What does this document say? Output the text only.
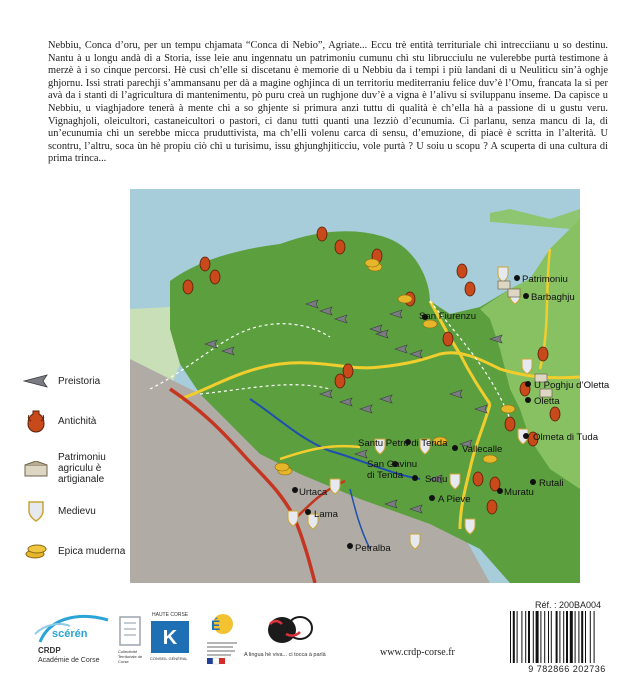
Nebbiu, Conca d’oru, per un tempu chjamata “Conca di Nebio”, Agriate... Eccu trè entità territuriale chì intrecciianu u so destinu. Nantu à u longu andà di a Storia, isse leie anu ingennatu un patrimoniu cumunu chì stu librucciulu ne vulerebbe purtà testimone à merzè à i so cinque percorsi. Hè cusì ch’elle si discetanu è memorie di u Nebbiu da i tempi i più landani di u Neuliticu sin’à oghje ghjornu. Issi strati parechji s’ammansanu per dà a magine oghjinca di un territoriu mediterraniu felice duv’è l’Omu, francata la si per avà da i stanti di l’agricultura di mantenimentu, pò puru creà un rughjone duv’è a vigna è l’alivu si sviluppanu inseme. Da capisce u Nebbiu, u viaghjadore tenerà à mente chì a so ghjente si primura anzi tuttu di qualità è ch’ella hà a passione di u gustu veru. Vignaghjoli, oleicultori, castaneicultori o pastori, ci danu tutti quanti una lezziò d’ecunumia. Ci parlanu, senza mancu di la, di un’ecunumia chì un serebbe micca pruduttivista, ma ch’elli volenu carca di sensu, d’emuzione, di piacè è scritta in l’alterità. U scontru, l’altru, soca ùn hè propiu ciò chì u turisimu, issu ghjunghjiticciu, vole purtà ? U soiu u scopu ? A scuperta di una cultura di prima trinca...

Patrimoniu
Barbaghju
San Fiurenzu
U Poghju d’Oletta
Oletta
Olmeta di Tuda
Santu Petru di Tenda
Vallecalle
San Gavinu
di Tenda Soriu	Rutali
Urtaca	Muratu
A Pieve
Lama
Petralba
Preistoria
Antichità
Patrimoniu agriculu è artigianale
Medievu
Epica muderna
Réf. : 200BA004
9 782866 202736
www.crdp-corse.fr
scérén
CRDP
Académie de Corse
Collectivité Territoriale de Corse
HAUTE CORSE
K
CONSEIL GÉNÉRAL
É
A lingua hè viva... ci tocca à parlà
